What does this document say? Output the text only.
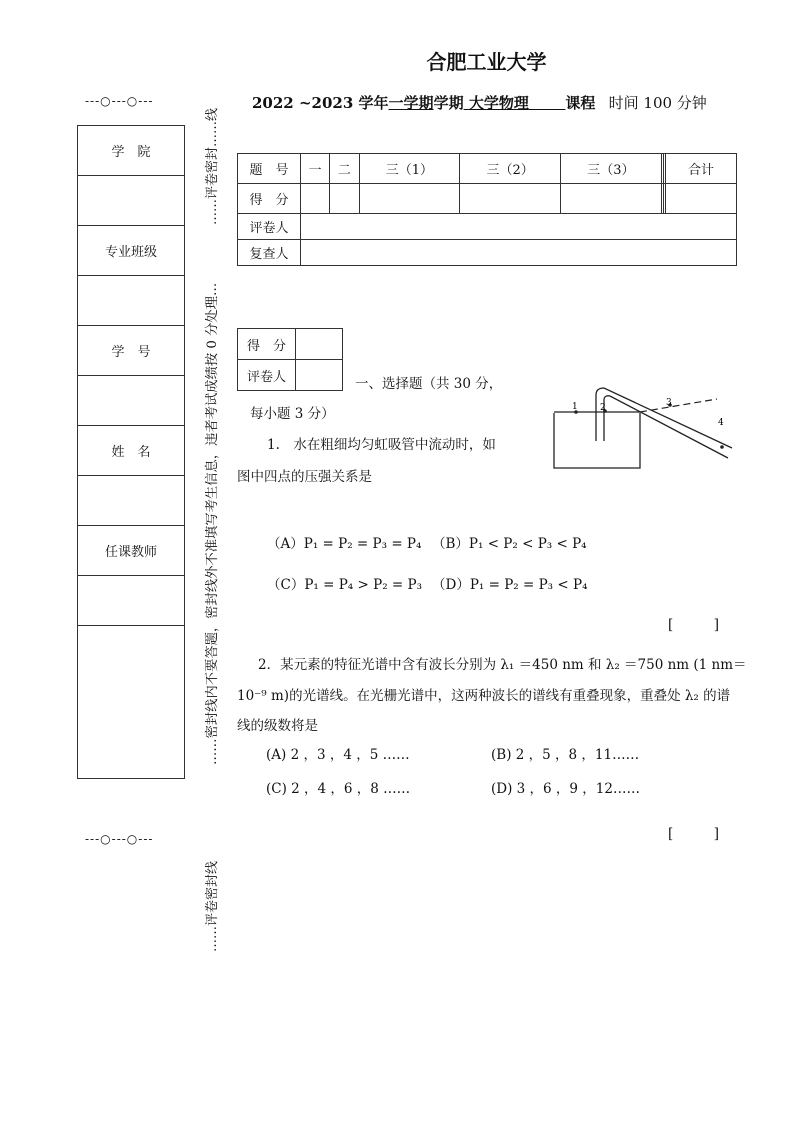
---○---○---
---○---○---
学　院
专业班级
学　号
姓　名
任课教师
……评卷密封……线
……密封线内不要答题，密封线外不准填写考生信息，违者考试成绩按 0 分处理…
……评卷密封线
合肥工业大学
2022 ~2023 学年一学期学期 大学物理 课程 时间 100 分钟
题　号	一	二	三（1）	三（2）	三（3）			合计
得　分								
评卷人								
复查人								
得　分	
评卷人		一、选择题（共 30 分，
每小题 3 分）
1.　水在粗细均匀虹吸管中流动时，如
图中四点的压强关系是
1 2	3
4
（A）P₁ = P₂ = P₃ = P₄ （B）P₁ < P₂ < P₃ < P₄
（C）P₁ = P₄ > P₂ = P₃ （D）P₁ = P₂ = P₃ < P₄
[　　　]
2．某元素的特征光谱中含有波长分别为 λ₁ ＝450 nm 和 λ₂ ＝750 nm (1 nm＝
10⁻⁹ m)的光谱线。在光栅光谱中，这两种波长的谱线有重叠现象，重叠处 λ₂ 的谱
线的级数将是
(A) 2 ，3 ，4 ，5 ……	(B) 2 ，5 ，8 ，11……
(C) 2 ，4 ，6 ，8 ……	(D) 3 ，6 ，9 ，12……
[　　　]
